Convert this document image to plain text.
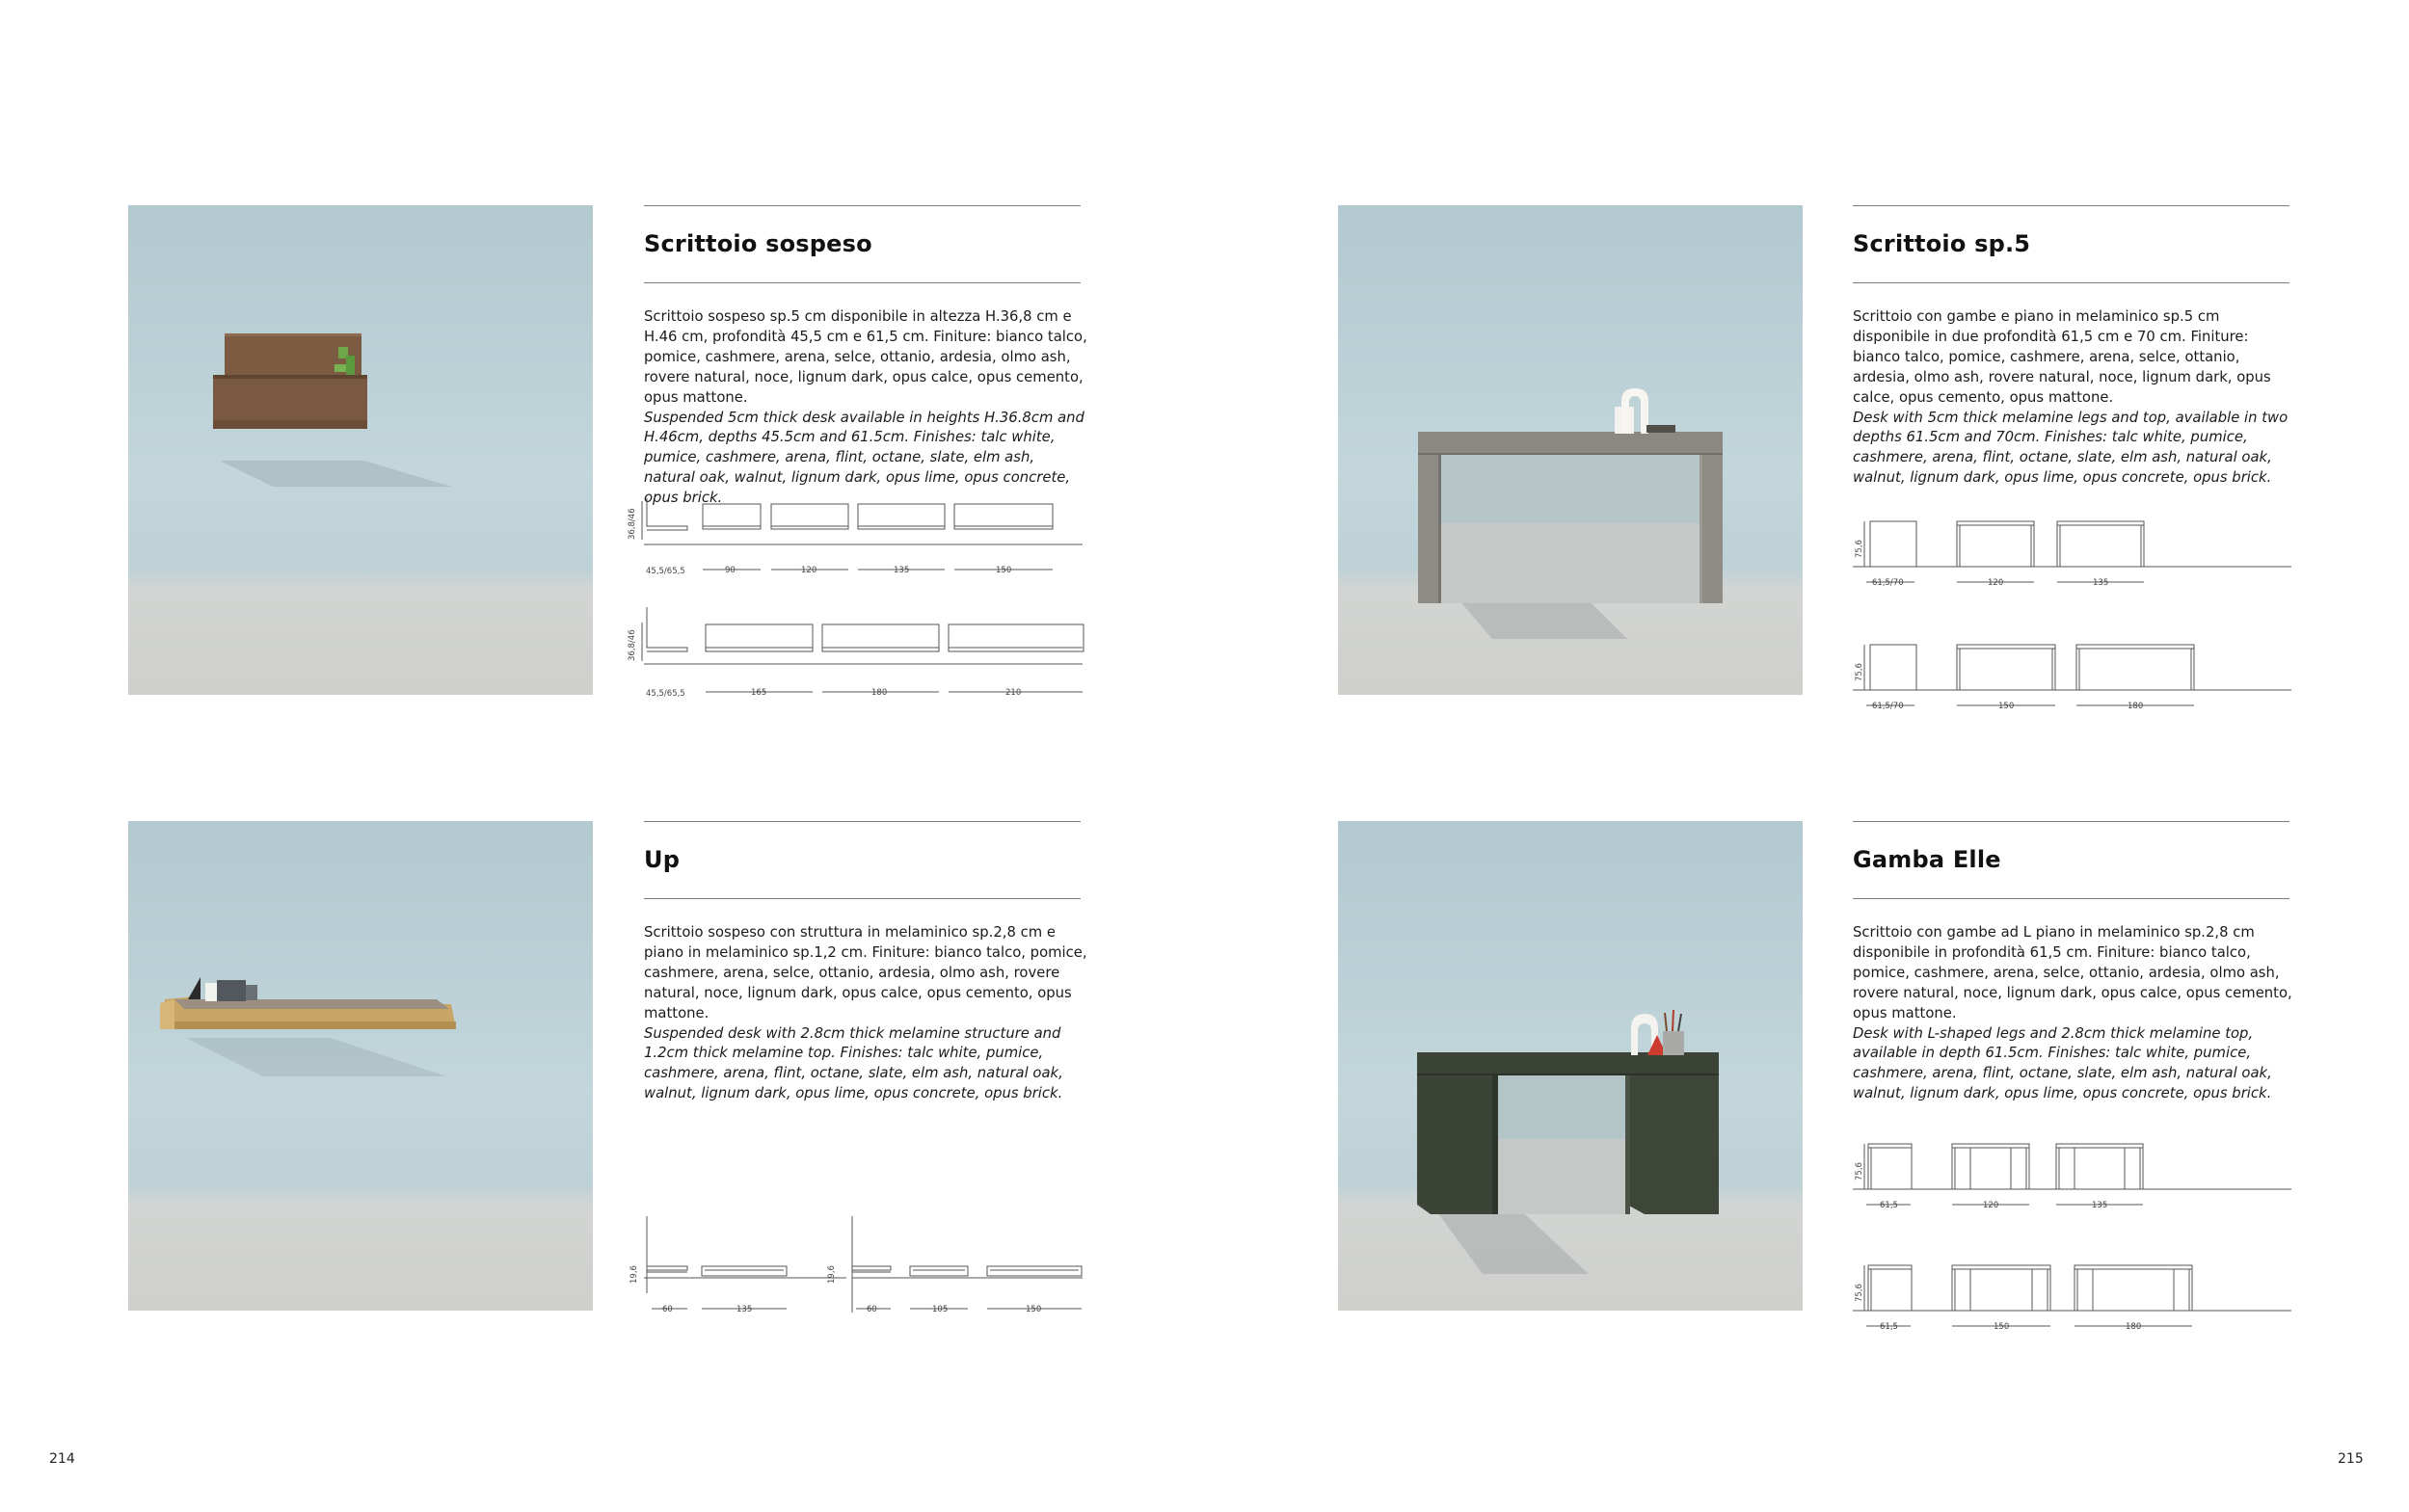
Scrittoio sospeso

Scrittoio sospeso sp.5 cm disponibile in altezza H.36,8 cm e H.46 cm, profondità 45,5 cm e 61,5 cm. Finiture: bianco talco, pomice, cashmere, arena, selce, ottanio, ardesia, olmo ash, rovere natural, noce, lignum dark, opus calce, opus cemento, opus mattone.
Suspended 5cm thick desk available in heights H.36.8cm and H.46cm, depths 45.5cm and 61.5cm. Finishes: talc white, pumice, cashmere, arena, flint, octane, slate, elm ash, natural oak, walnut, lignum dark, opus lime, opus concrete, opus brick.

36,8/46
45,5/65,5	90	120	135	150
36,8/46
45,5/65,5	165	180	210
Scrittoio sp.5

Scrittoio con gambe e piano in melaminico sp.5 cm disponibile in due profondità 61,5 cm e 70 cm. Finiture: bianco talco, pomice, cashmere, arena, selce, ottanio, ardesia, olmo ash, rovere natural, noce, lignum dark, opus calce, opus cemento, opus mattone.
Desk with 5cm thick melamine legs and top, available in two depths 61.5cm and 70cm. Finishes: talc white, pumice, cashmere, arena, flint, octane, slate, elm ash, natural oak, walnut, lignum dark, opus lime, opus concrete, opus brick.

75,6
61,5/70	120	135
75,6
61,5/70	150	180
Up

Scrittoio sospeso con struttura in melaminico sp.2,8 cm e piano in melaminico sp.1,2 cm. Finiture: bianco talco, pomice, cashmere, arena, selce, ottanio, ardesia, olmo ash, rovere natural, noce, lignum dark, opus calce, opus cemento, opus mattone.
Suspended desk with 2.8cm thick melamine structure and 1.2cm thick melamine top. Finishes: talc white, pumice, cashmere, arena, flint, octane, slate, elm ash, natural oak, walnut, lignum dark, opus lime, opus concrete, opus brick.

19,6
60	135
19,6
60	105	150
Gamba Elle

Scrittoio con gambe ad L piano in melaminico sp.2,8 cm disponibile in profondità 61,5 cm. Finiture: bianco talco, pomice, cashmere, arena, selce, ottanio, ardesia, olmo ash, rovere natural, noce, lignum dark, opus calce, opus cemento, opus mattone.
Desk with L-shaped legs and 2.8cm thick melamine top, available in depth 61.5cm. Finishes: talc white, pumice, cashmere, arena, flint, octane, slate, elm ash, natural oak, walnut, lignum dark, opus lime, opus concrete, opus brick.

75,6
61,5	120	135
75,6
61,5	150	180
214	215
